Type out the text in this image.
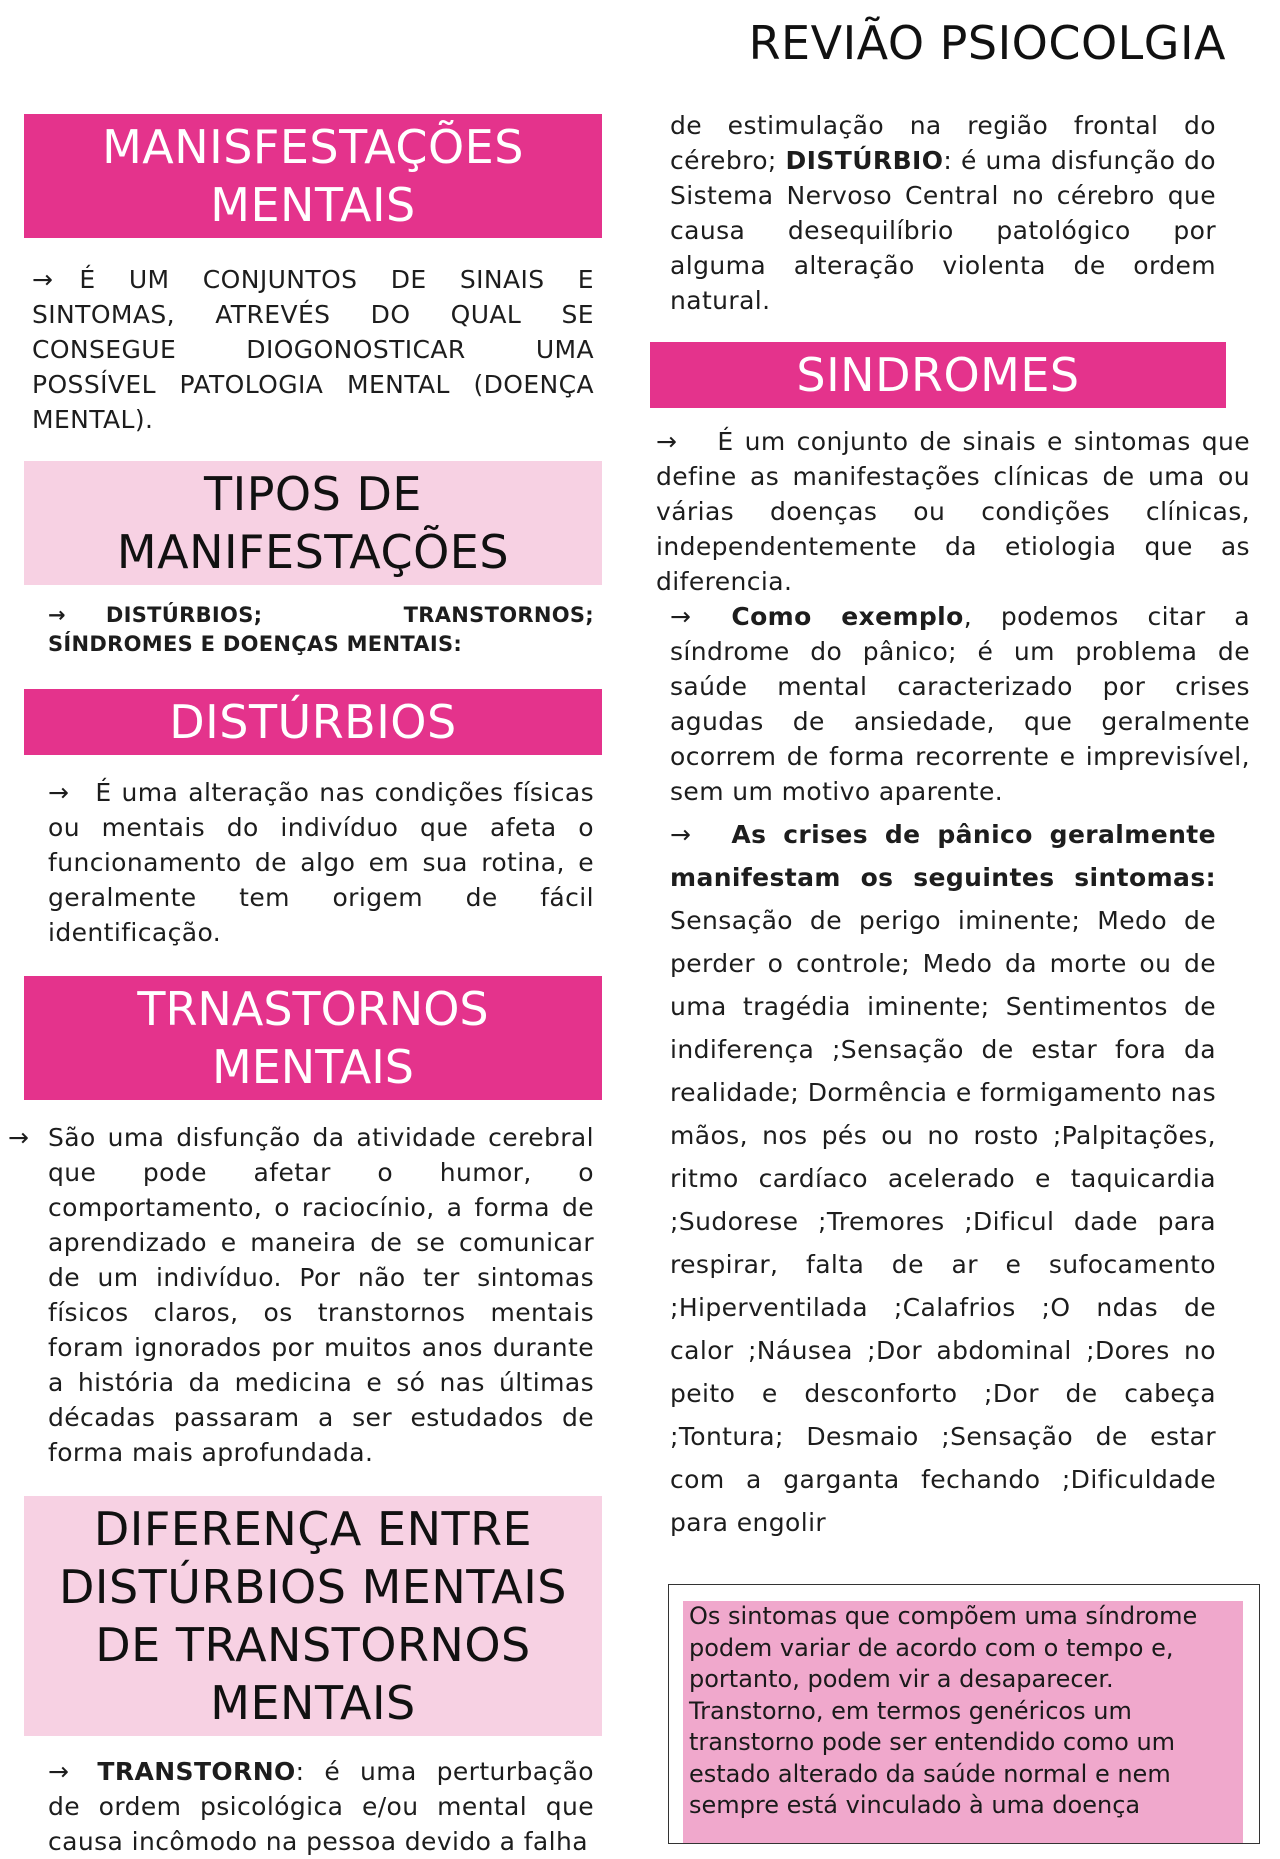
REVIÃO PSIOCOLGIA
MANISFESTAÇÕES
MENTAIS
→ É UM CONJUNTOS DE SINAIS E SINTOMAS, ATREVÉS DO QUAL SE CONSEGUE DIOGONOSTICAR UMA POSSÍVEL PATOLOGIA MENTAL (DOENÇA MENTAL).
TIPOS DE
MANIFESTAÇÕES
→ DISTÚRBIOS; TRANSTORNOS; SÍNDROMES E DOENÇAS MENTAIS:
DISTÚRBIOS
→ É uma alteração nas condições físicas ou mentais do indivíduo que afeta o funcionamento de algo em sua rotina, e geralmente tem origem de fácil identificação.
TRNASTORNOS MENTAIS
→ São uma disfunção da atividade cerebral que pode afetar o humor, o comportamento, o raciocínio, a forma de aprendizado e maneira de se comunicar de um indivíduo. Por não ter sintomas físicos claros, os transtornos mentais foram ignorados por muitos anos durante a história da medicina e só nas últimas décadas passaram a ser estudados de forma mais aprofundada.
DIFERENÇA ENTRE
DISTÚRBIOS MENTAIS
DE TRANSTORNOS
MENTAIS
→ TRANSTORNO: é uma perturbação de ordem psicológica e/ou mental que causa incômodo na pessoa devido a falha
de estimulação na região frontal do cérebro; DISTÚRBIO: é uma disfunção do Sistema Nervoso Central no cérebro que causa desequilíbrio patológico por alguma alteração violenta de ordem natural.
SINDROMES
→ É um conjunto de sinais e sintomas que define as manifestações clínicas de uma ou várias doenças ou condições clínicas, independentemente da etiologia que as diferencia.
→ Como exemplo, podemos citar a síndrome do pânico; é um problema de saúde mental caracterizado por crises agudas de ansiedade, que geralmente ocorrem de forma recorrente e imprevisível, sem um motivo aparente.
→ As crises de pânico geralmente manifestam os seguintes sintomas: Sensação de perigo iminente; Medo de perder o controle; Medo da morte ou de uma tragédia iminente; Sentimentos de indiferença ;Sensação de estar fora da realidade; Dormência e formigamento nas mãos, nos pés ou no rosto ;Palpitações, ritmo cardíaco acelerado e taquicardia ;Sudorese ;Tremores ;Dificul dade para respirar, falta de ar e sufocamento ;Hiperventilada ;Calafrios ;O ndas de calor ;Náusea ;Dor abdominal ;Dores no peito e desconforto ;Dor de cabeça ;Tontura; Desmaio ;Sensação de estar com a garganta fechando ;Dificuldade para engolir
Os sintomas que compõem uma síndrome podem variar de acordo com o tempo e, portanto, podem vir a desaparecer. Transtorno, em termos genéricos um transtorno pode ser entendido como um estado alterado da saúde normal e nem sempre está vinculado à uma doença
